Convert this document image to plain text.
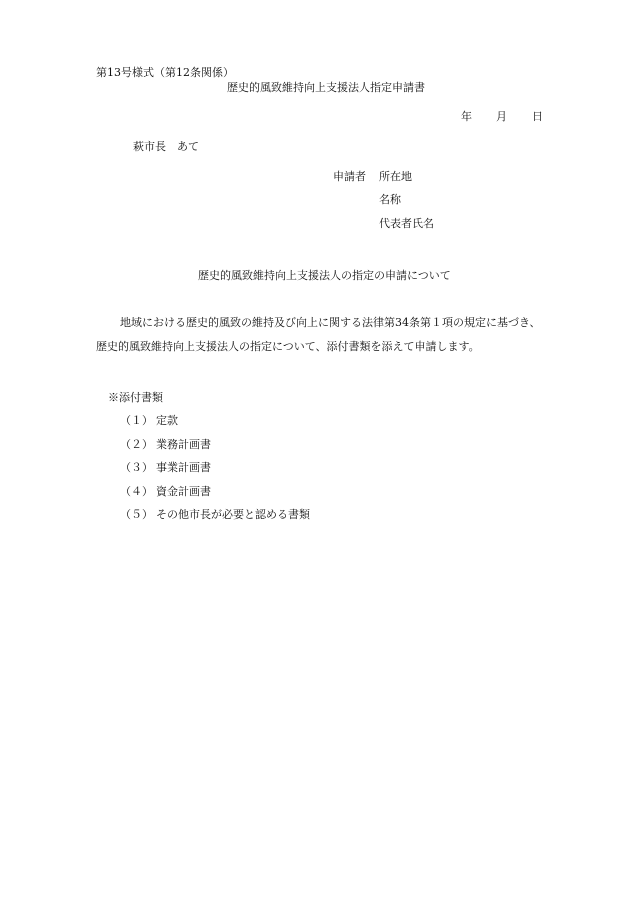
第13号様式（第12条関係）
歴史的風致維持向上支援法人指定申請書
年 月 日
萩市長　あて
申請者 所在地
名称
代表者氏名
歴史的風致維持向上支援法人の指定の申請について
地域における歴史的風致の維持及び向上に関する法律第34条第１項の規定に基づき、
歴史的風致維持向上支援法人の指定について、添付書類を添えて申請します。
※添付書類
（１） 定款
（２） 業務計画書
（３） 事業計画書
（４） 資金計画書
（５） その他市長が必要と認める書類
